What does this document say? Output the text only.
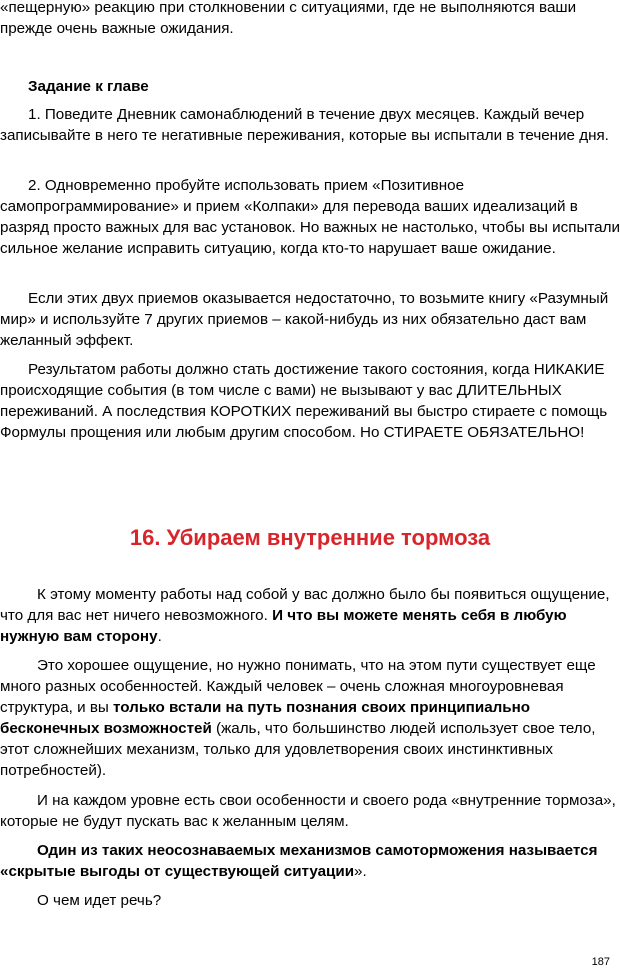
«пещерную» реакцию при столкновении с ситуациями, где не выполняются ваши прежде очень важные ожидания.

Задание к главе

1. Поведите Дневник самонаблюдений в течение двух месяцев. Каждый вечер записывайте в него те негативные переживания, которые вы испытали в течение дня.

2. Одновременно пробуйте использовать прием «Позитивное самопрограммирование» и прием «Колпаки» для перевода ваших идеализаций в разряд просто важных для вас установок. Но важных не настолько, чтобы вы испытали сильное желание исправить ситуацию, когда кто-то нарушает ваше ожидание.

Если этих двух приемов оказывается недостаточно, то возьмите книгу «Разумный мир» и используйте 7 других приемов – какой-нибудь из них обязательно даст вам желанный эффект.

Результатом работы должно стать достижение такого состояния, когда НИКАКИЕ происходящие события (в том числе с вами) не вызывают у вас ДЛИТЕЛЬНЫХ переживаний. А последствия КОРОТКИХ переживаний вы быстро стираете с помощь Формулы прощения или любым другим способом. Но СТИРАЕТЕ ОБЯЗАТЕЛЬНО!

16. Убираем внутренние тормоза

К этому моменту работы над собой у вас должно было бы появиться ощущение, что для вас нет ничего невозможного. И что вы можете менять себя в любую нужную вам сторону.

Это хорошее ощущение, но нужно понимать, что на этом пути существует еще много разных особенностей. Каждый человек – очень сложная многоуровневая структура, и вы только встали на путь познания своих принципиально бесконечных возможностей (жаль, что большинство людей использует свое тело, этот сложнейших механизм, только для удовлетворения своих инстинктивных потребностей).

И на каждом уровне есть свои особенности и своего рода «внутренние тормоза», которые не будут пускать вас к желанным целям.

Один из таких неосознаваемых механизмов самоторможения называется «скрытые выгоды от существующей ситуации».

О чем идет речь?

187
